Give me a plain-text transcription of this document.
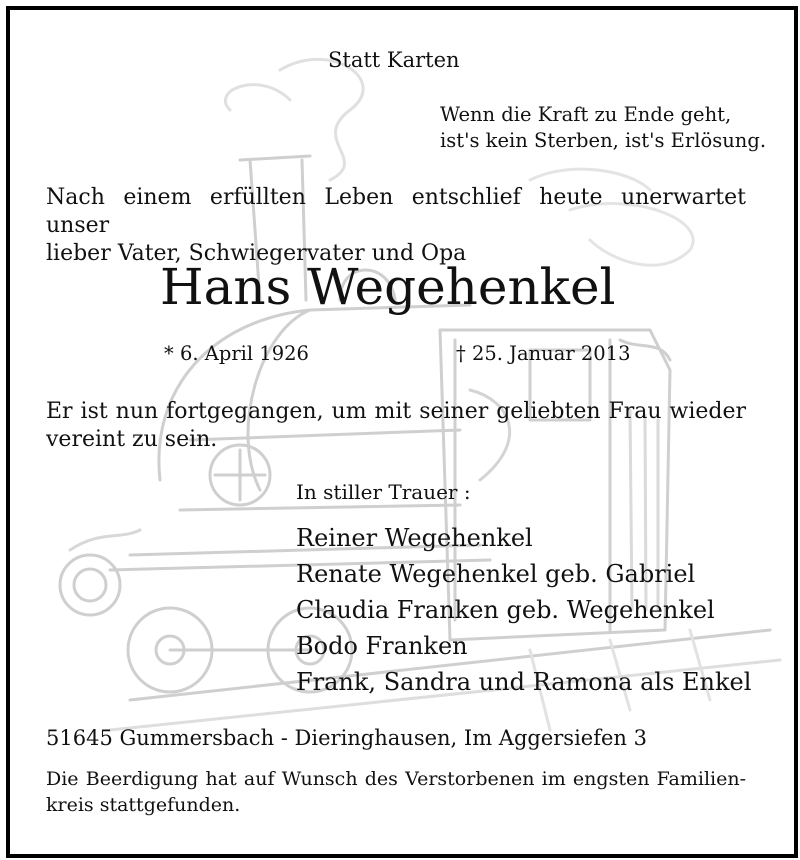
Statt Karten
Wenn die Kraft zu Ende geht,
ist's kein Sterben, ist's Erlösung.
Nach einem erfüllten Leben entschlief heute unerwartet unser
lieber Vater, Schwiegervater und Opa
Hans Wegehenkel
* 6. April 1926	† 25. Januar 2013
Er ist nun fortgegangen, um mit seiner geliebten Frau wieder
vereint zu sein.
In stiller Trauer :
Reiner Wegehenkel
Renate Wegehenkel geb. Gabriel
Claudia Franken geb. Wegehenkel
Bodo Franken
Frank, Sandra und Ramona als Enkel
51645 Gummersbach - Dieringhausen, Im Aggersiefen 3
Die Beerdigung hat auf Wunsch des Verstorbenen im engsten Familien-
kreis stattgefunden.
